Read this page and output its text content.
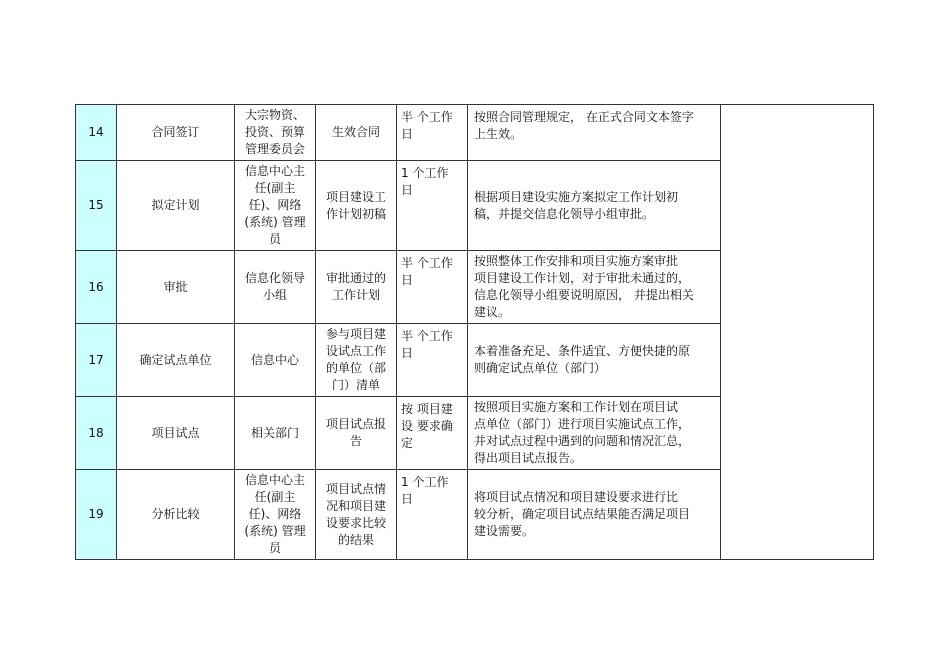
14	合同签订	大宗物资、
投资、预算
管理委员会	生效合同	半 个工作
日	按照合同管理规定， 在正式合同文本签字
上生效。	

15	拟定计划	信息中心主
任(副主
任)、网络
(系统) 管理
员	项目建设工
作计划初稿	1 个工作
日	根据项目建设实施方案拟定工作计划初
稿，并提交信息化领导小组审批。	

16	审批	信息化领导
小组	审批通过的
工作计划	半 个工作
日	按照整体工作安排和项目实施方案审批
项目建设工作计划，对于审批未通过的，
信息化领导小组要说明原因， 并提出相关
建议。	

17	确定试点单位	信息中心	参与项目建
设试点工作
的单位（部
门）清单	半 个工作
日	本着准备充足、条件适宜、方便快捷的原
则确定试点单位（部门）	

18	项目试点	相关部门	项目试点报
告	按 项目建
设 要求确
定	按照项目实施方案和工作计划在项目试
点单位（部门）进行项目实施试点工作，
并对试点过程中遇到的问题和情况汇总，
得出项目试点报告。	

19	分析比较	信息中心主
任(副主
任)、网络
(系统) 管理
员	项目试点情
况和项目建
设要求比较
的结果	1 个工作
日	将项目试点情况和项目建设要求进行比
较分析，确定项目试点结果能否满足项目
建设需要。	
